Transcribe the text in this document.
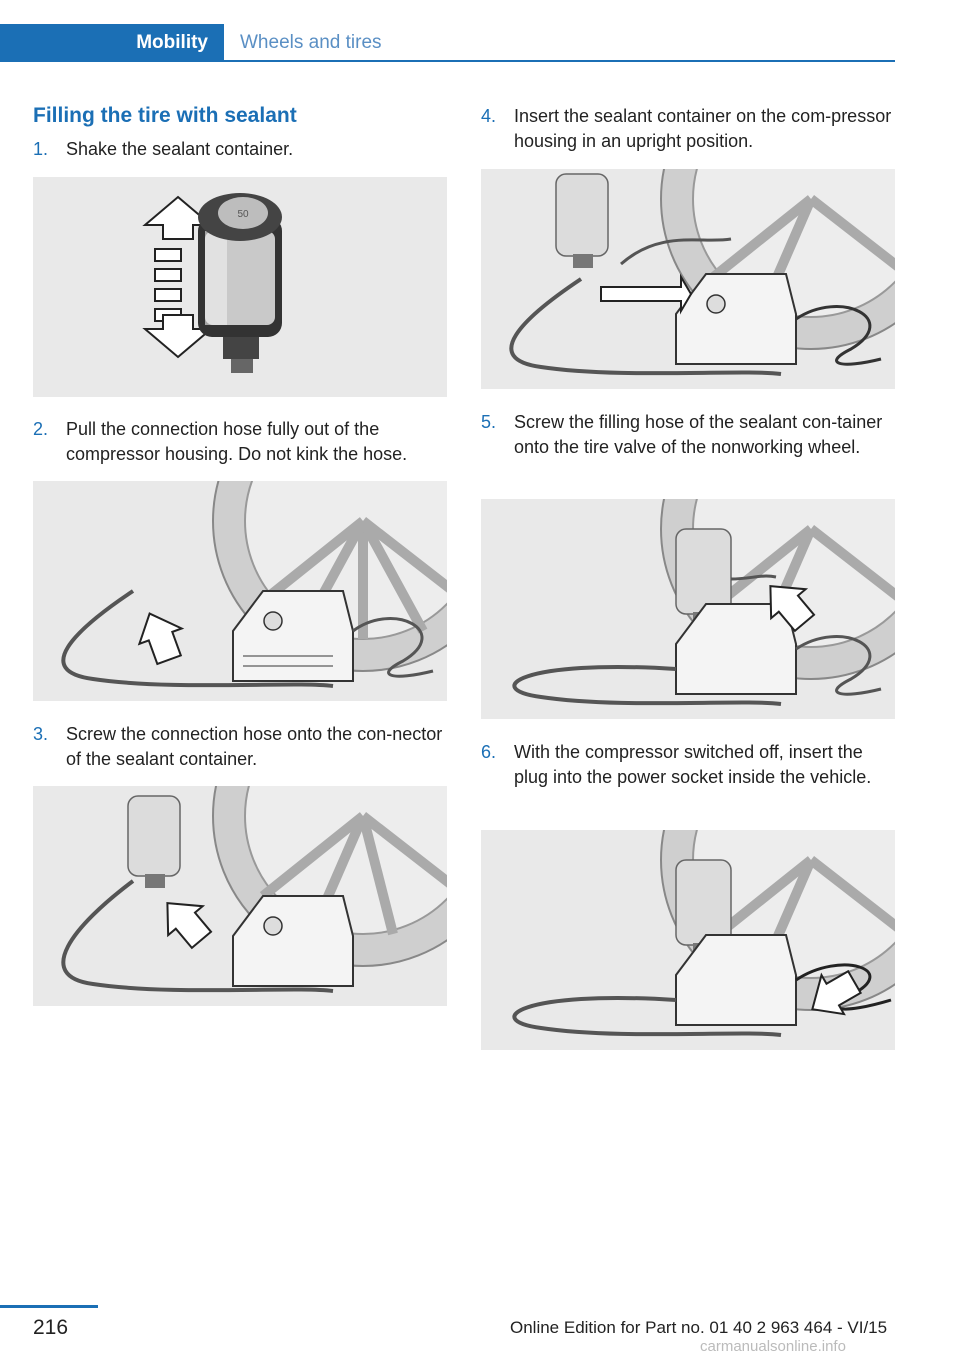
Mobility Wheels and tires
Filling the tire with sealant
1. Shake the sealant container.
50
2. Pull the connection hose fully out of the compressor housing. Do not kink the hose.
3. Screw the connection hose onto the con‐nector of the sealant container.
4. Insert the sealant container on the com‐pressor housing in an upright position.
5. Screw the filling hose of the sealant con‐tainer onto the tire valve of the nonworking wheel.
6. With the compressor switched off, insert the plug into the power socket inside the vehicle.
216	Online Edition for Part no. 01 40 2 963 464 - VI/15
carmanualsonline.info
